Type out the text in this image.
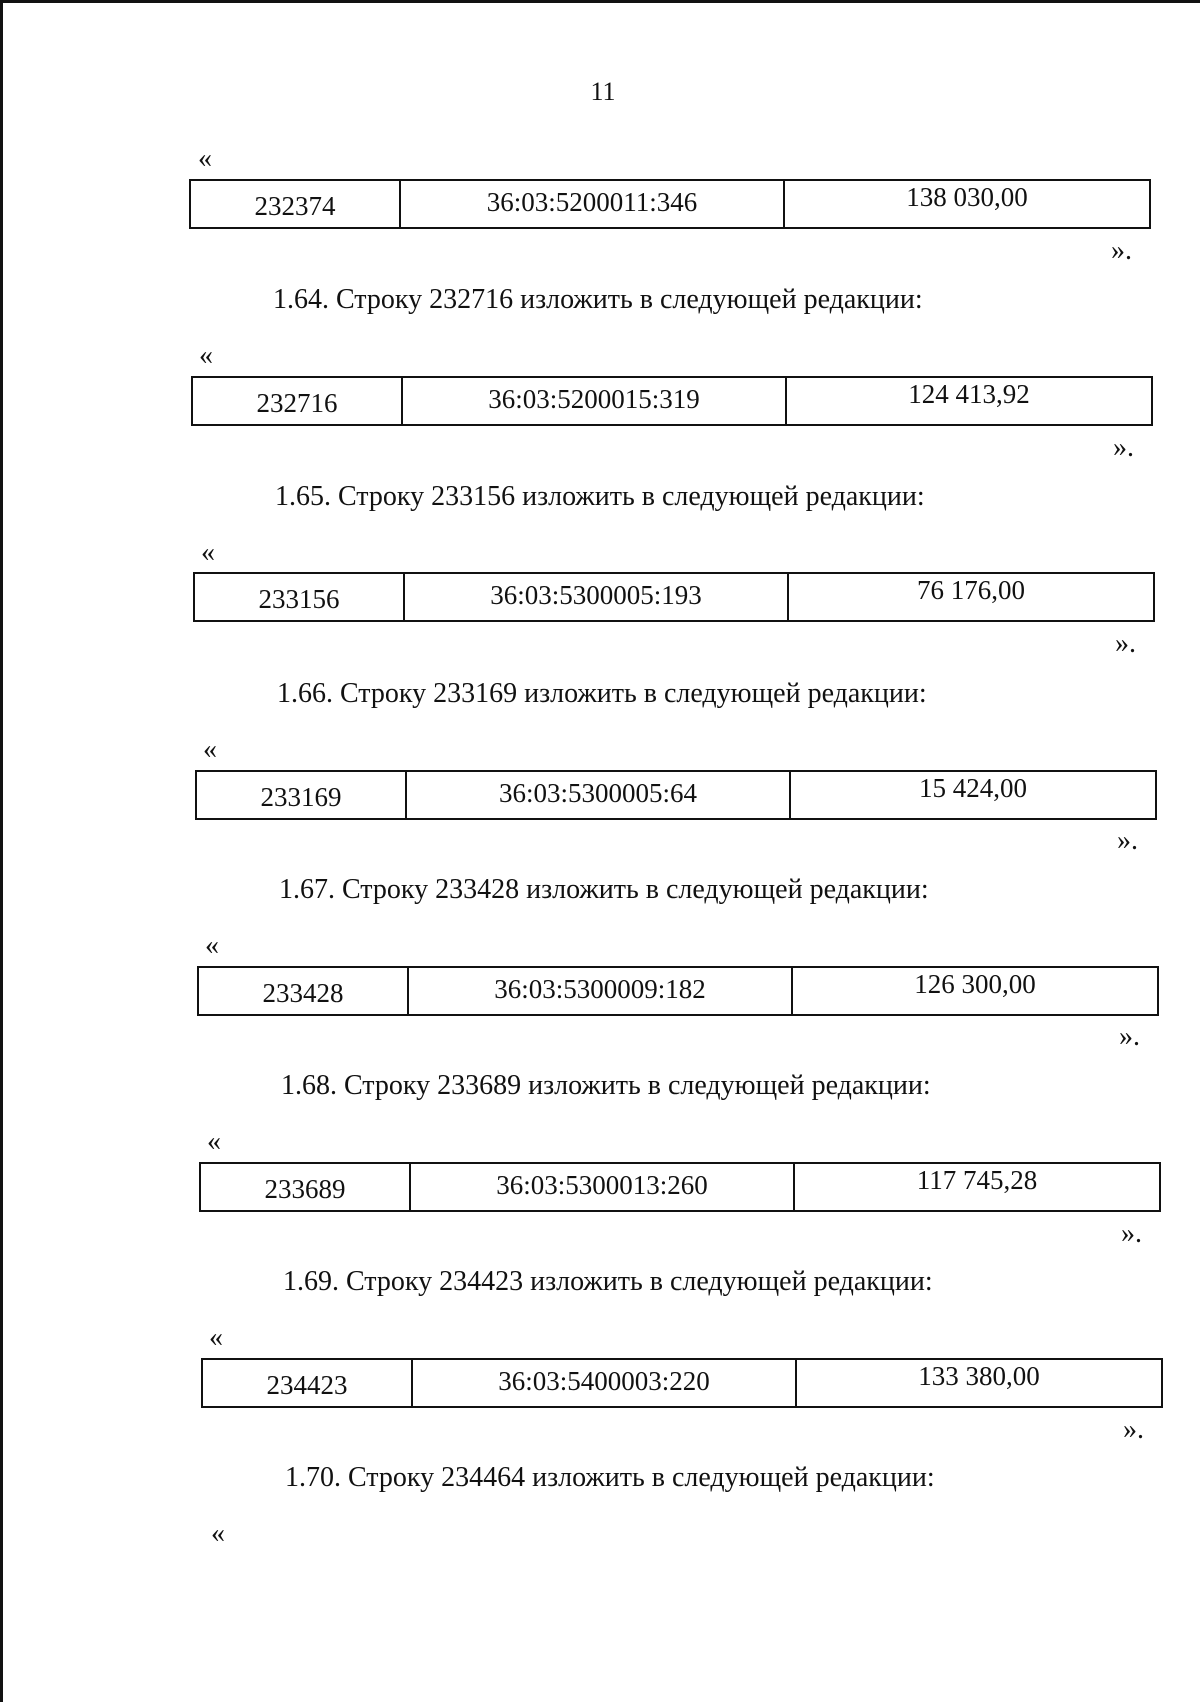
11
«
232374	36:03:5200011:346	138 030,00
».
1.64. Строку 232716 изложить в следующей редакции:
«
232716	36:03:5200015:319	124 413,92
».
1.65. Строку 233156 изложить в следующей редакции:
«
233156	36:03:5300005:193	76 176,00
».
1.66. Строку 233169 изложить в следующей редакции:
«
233169	36:03:5300005:64	15 424,00
».
1.67. Строку 233428 изложить в следующей редакции:
«
233428	36:03:5300009:182	126 300,00
».
1.68. Строку 233689 изложить в следующей редакции:
«
233689	36:03:5300013:260	117 745,28
».
1.69. Строку 234423 изложить в следующей редакции:
«
234423	36:03:5400003:220	133 380,00
».
1.70. Строку 234464 изложить в следующей редакции:
«
